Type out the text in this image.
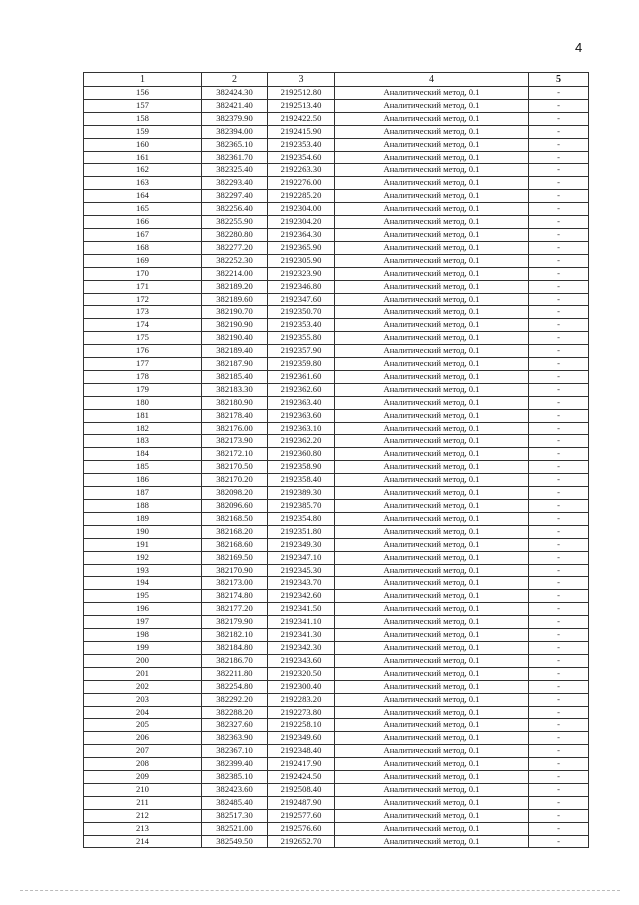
4
1	2	3	4	5
156	382424.30	2192512.80	Аналитический метод, 0.1	-
157	382421.40	2192513.40	Аналитический метод, 0.1	-
158	382379.90	2192422.50	Аналитический метод, 0.1	-
159	382394.00	2192415.90	Аналитический метод, 0.1	-
160	382365.10	2192353.40	Аналитический метод, 0.1	-
161	382361.70	2192354.60	Аналитический метод, 0.1	-
162	382325.40	2192263.30	Аналитический метод, 0.1	-
163	382293.40	2192276.00	Аналитический метод, 0.1	-
164	382297.40	2192285.20	Аналитический метод, 0.1	-
165	382256.40	2192304.00	Аналитический метод, 0.1	-
166	382255.90	2192304.20	Аналитический метод, 0.1	-
167	382280.80	2192364.30	Аналитический метод, 0.1	-
168	382277.20	2192365.90	Аналитический метод, 0.1	-
169	382252.30	2192305.90	Аналитический метод, 0.1	-
170	382214.00	2192323.90	Аналитический метод, 0.1	-
171	382189.20	2192346.80	Аналитический метод, 0.1	-
172	382189.60	2192347.60	Аналитический метод, 0.1	-
173	382190.70	2192350.70	Аналитический метод, 0.1	-
174	382190.90	2192353.40	Аналитический метод, 0.1	-
175	382190.40	2192355.80	Аналитический метод, 0.1	-
176	382189.40	2192357.90	Аналитический метод, 0.1	-
177	382187.90	2192359.80	Аналитический метод, 0.1	-
178	382185.40	2192361.60	Аналитический метод, 0.1	-
179	382183.30	2192362.60	Аналитический метод, 0.1	-
180	382180.90	2192363.40	Аналитический метод, 0.1	-
181	382178.40	2192363.60	Аналитический метод, 0.1	-
182	382176.00	2192363.10	Аналитический метод, 0.1	-
183	382173.90	2192362.20	Аналитический метод, 0.1	-
184	382172.10	2192360.80	Аналитический метод, 0.1	-
185	382170.50	2192358.90	Аналитический метод, 0.1	-
186	382170.20	2192358.40	Аналитический метод, 0.1	-
187	382098.20	2192389.30	Аналитический метод, 0.1	-
188	382096.60	2192385.70	Аналитический метод, 0.1	-
189	382168.50	2192354.80	Аналитический метод, 0.1	-
190	382168.20	2192351.80	Аналитический метод, 0.1	-
191	382168.60	2192349.30	Аналитический метод, 0.1	-
192	382169.50	2192347.10	Аналитический метод, 0.1	-
193	382170.90	2192345.30	Аналитический метод, 0.1	-
194	382173.00	2192343.70	Аналитический метод, 0.1	-
195	382174.80	2192342.60	Аналитический метод, 0.1	-
196	382177.20	2192341.50	Аналитический метод, 0.1	-
197	382179.90	2192341.10	Аналитический метод, 0.1	-
198	382182.10	2192341.30	Аналитический метод, 0.1	-
199	382184.80	2192342.30	Аналитический метод, 0.1	-
200	382186.70	2192343.60	Аналитический метод, 0.1	-
201	382211.80	2192320.50	Аналитический метод, 0.1	-
202	382254.80	2192300.40	Аналитический метод, 0.1	-
203	382292.20	2192283.20	Аналитический метод, 0.1	-
204	382288.20	2192273.80	Аналитический метод, 0.1	-
205	382327.60	2192258.10	Аналитический метод, 0.1	-
206	382363.90	2192349.60	Аналитический метод, 0.1	-
207	382367.10	2192348.40	Аналитический метод, 0.1	-
208	382399.40	2192417.90	Аналитический метод, 0.1	-
209	382385.10	2192424.50	Аналитический метод, 0.1	-
210	382423.60	2192508.40	Аналитический метод, 0.1	-
211	382485.40	2192487.90	Аналитический метод, 0.1	-
212	382517.30	2192577.60	Аналитический метод, 0.1	-
213	382521.00	2192576.60	Аналитический метод, 0.1	-
214	382549.50	2192652.70	Аналитический метод, 0.1	-
